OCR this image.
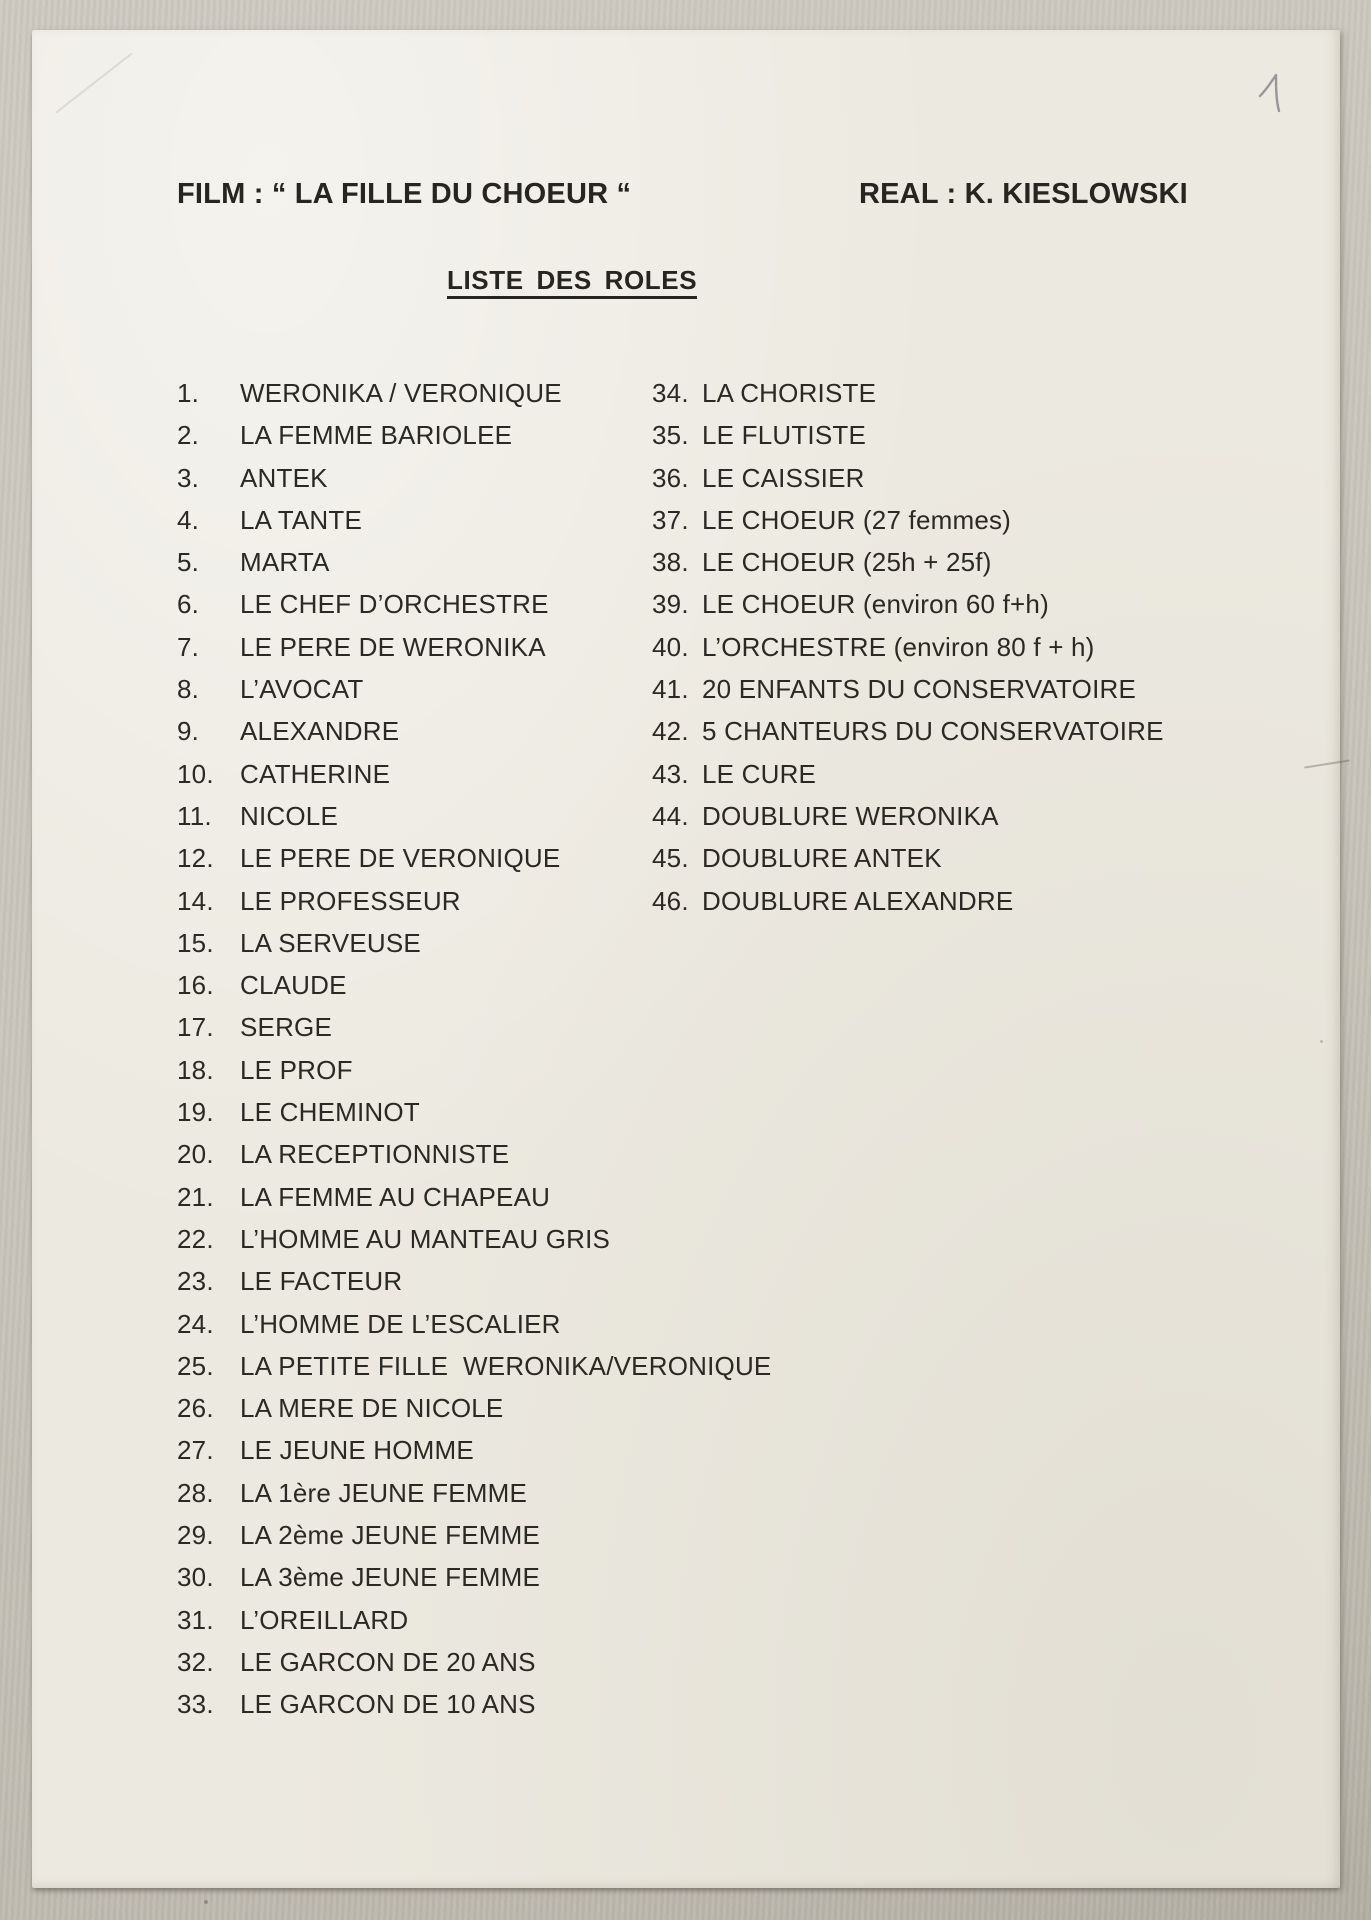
FILM : “ LA FILLE DU CHOEUR “	REAL : K. KIESLOWSKI
LISTE DES ROLES
1.	WERONIKA / VERONIQUE
2.	LA FEMME BARIOLEE
3.	ANTEK
4.	LA TANTE
5.	MARTA
6.	LE CHEF D’ORCHESTRE
7.	LE PERE DE WERONIKA
8.	L’AVOCAT
9.	ALEXANDRE
10.	CATHERINE
11.	NICOLE
12.	LE PERE DE VERONIQUE
14.	LE PROFESSEUR
15.	LA SERVEUSE
16.	CLAUDE
17.	SERGE
18.	LE PROF
19.	LE CHEMINOT
20.	LA RECEPTIONNISTE
21.	LA FEMME AU CHAPEAU
22.	L’HOMME AU MANTEAU GRIS
23.	LE FACTEUR
24.	L’HOMME DE L’ESCALIER
25.	LA PETITE FILLE  WERONIKA/VERONIQUE
26.	LA MERE DE NICOLE
27.	LE JEUNE HOMME
28.	LA 1ère JEUNE FEMME
29.	LA 2ème JEUNE FEMME
30.	LA 3ème JEUNE FEMME
31.	L’OREILLARD
32.	LE GARCON DE 20 ANS
33.	LE GARCON DE 10 ANS
34. LA CHORISTE
35. LE FLUTISTE
36. LE CAISSIER
37. LE CHOEUR (27 femmes)
38. LE CHOEUR (25h + 25f)
39. LE CHOEUR (environ 60 f+h)
40. L’ORCHESTRE (environ 80 f + h)
41. 20 ENFANTS DU CONSERVATOIRE
42. 5 CHANTEURS DU CONSERVATOIRE
43. LE CURE
44. DOUBLURE WERONIKA
45. DOUBLURE ANTEK
46. DOUBLURE ALEXANDRE
